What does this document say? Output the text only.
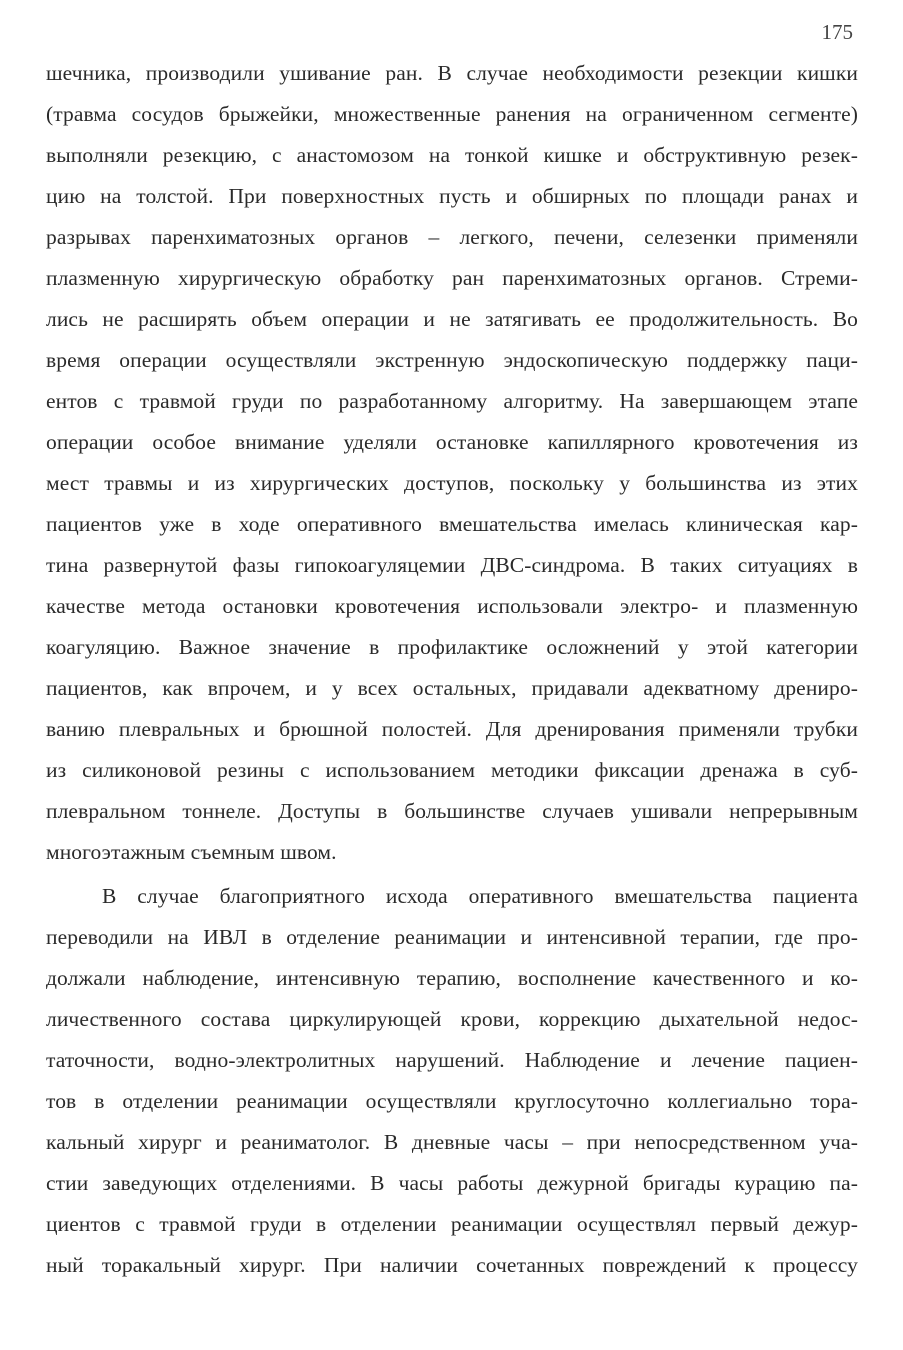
175
шечника, производили ушивание ран. В случае необходимости резекции кишки
(травма сосудов брыжейки, множественные ранения на ограниченном сегменте)
выполняли резекцию, с анастомозом на тонкой кишке и обструктивную резек-
цию на толстой. При поверхностных пусть и обширных по площади ранах и
разрывах паренхиматозных органов – легкого, печени, селезенки применяли
плазменную хирургическую обработку ран паренхиматозных органов. Стреми-
лись не расширять объем операции и не затягивать ее продолжительность. Во
время операции осуществляли экстренную эндоскопическую поддержку паци-
ентов с травмой груди по разработанному алгоритму. На завершающем этапе
операции особое внимание уделяли остановке капиллярного кровотечения из
мест травмы и из хирургических доступов, поскольку у большинства из этих
пациентов уже в ходе оперативного вмешательства имелась клиническая кар-
тина развернутой фазы гипокоагуляцемии ДВС-синдрома. В таких ситуациях в
качестве метода остановки кровотечения использовали электро- и плазменную
коагуляцию. Важное значение в профилактике осложнений у этой категории
пациентов, как впрочем, и у всех остальных, придавали адекватному дрениро-
ванию плевральных и брюшной полостей. Для дренирования применяли трубки
из силиконовой резины с использованием методики фиксации дренажа в суб-
плевральном тоннеле. Доступы в большинстве случаев ушивали непрерывным
многоэтажным съемным швом.
В случае благоприятного исхода оперативного вмешательства пациента
переводили на ИВЛ в отделение реанимации и интенсивной терапии, где про-
должали наблюдение, интенсивную терапию, восполнение качественного и ко-
личественного состава циркулирующей крови, коррекцию дыхательной недос-
таточности, водно-электролитных нарушений. Наблюдение и лечение пациен-
тов в отделении реанимации осуществляли круглосуточно коллегиально тора-
кальный хирург и реаниматолог. В дневные часы – при непосредственном уча-
стии заведующих отделениями. В часы работы дежурной бригады курацию па-
циентов с травмой груди в отделении реанимации осуществлял первый дежур-
ный торакальный хирург. При наличии сочетанных повреждений к процессу
